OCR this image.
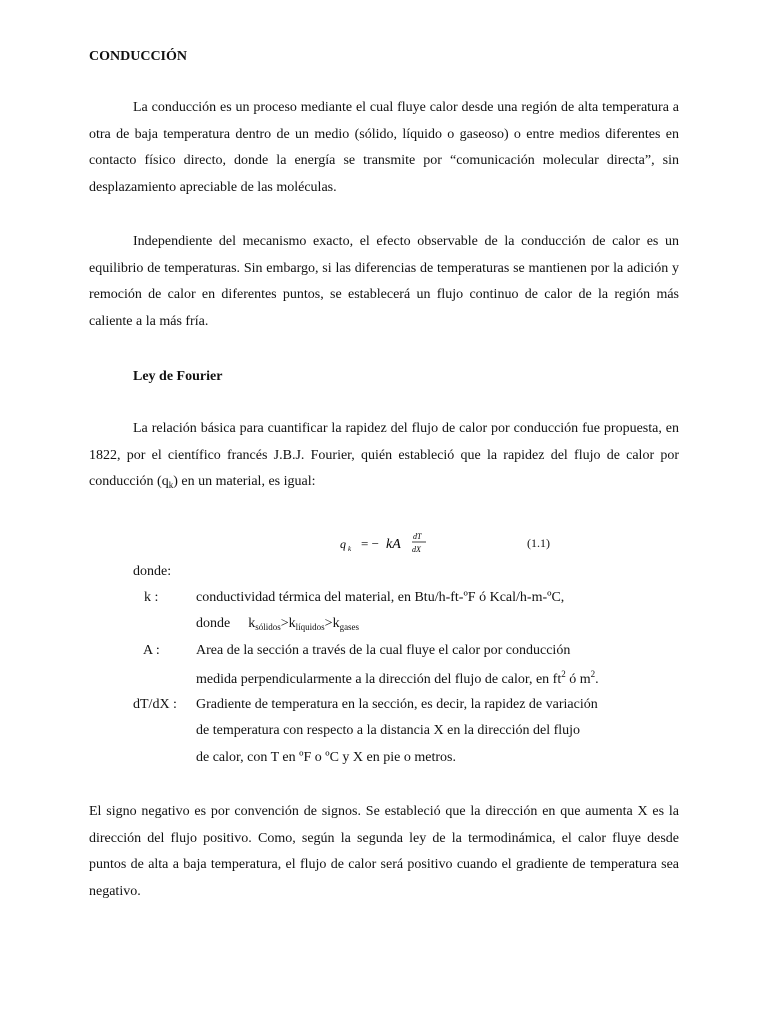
CONDUCCIÓN

La conducción es un proceso mediante el cual fluye calor desde una región de alta temperatura a otra de baja temperatura dentro de un medio (sólido, líquido o gaseoso) o entre medios diferentes en contacto físico directo, donde la energía se transmite por “comunicación molecular directa”, sin desplazamiento apreciable de las moléculas.

Independiente del mecanismo exacto, el efecto observable de la conducción de calor es un equilibrio de temperaturas. Sin embargo, si las diferencias de temperaturas se mantienen por la adición y remoción de calor en diferentes puntos, se establecerá un flujo continuo de calor de la región más caliente a la más fría.

Ley de Fourier

La relación básica para cuantificar la rapidez del flujo de calor por conducción fue propuesta, en 1822, por el científico francés J.B.J. Fourier, quién estableció que la rapidez del flujo de calor por conducción $(q_k)$ en un material, es igual:

q k = − kA
dT
dX	(1.1)
donde:
k :	conductividad térmica del material, en Btu/h-ft-ºF ó Kcal/h-m-ºC,
donde $k_{sólidos}>k_{líquidos}>k_{gases}$
A :	Area de la sección a través de la cual fluye el calor por conducción
medida perpendicularmente a la dirección del flujo de calor, en $ft^2$ ó $m^2$.
dT/dX : Gradiente de temperatura en la sección, es decir, la rapidez de variación
de temperatura con respecto a la distancia X en la dirección del flujo
de calor, con T en ºF o ºC y X en pie o metros.

El signo negativo es por convención de signos. Se estableció que la dirección en que aumenta X es la dirección del flujo positivo. Como, según la segunda ley de la termodinámica, el calor fluye desde puntos de alta a baja temperatura, el flujo de calor será positivo cuando el gradiente de temperatura sea negativo.
